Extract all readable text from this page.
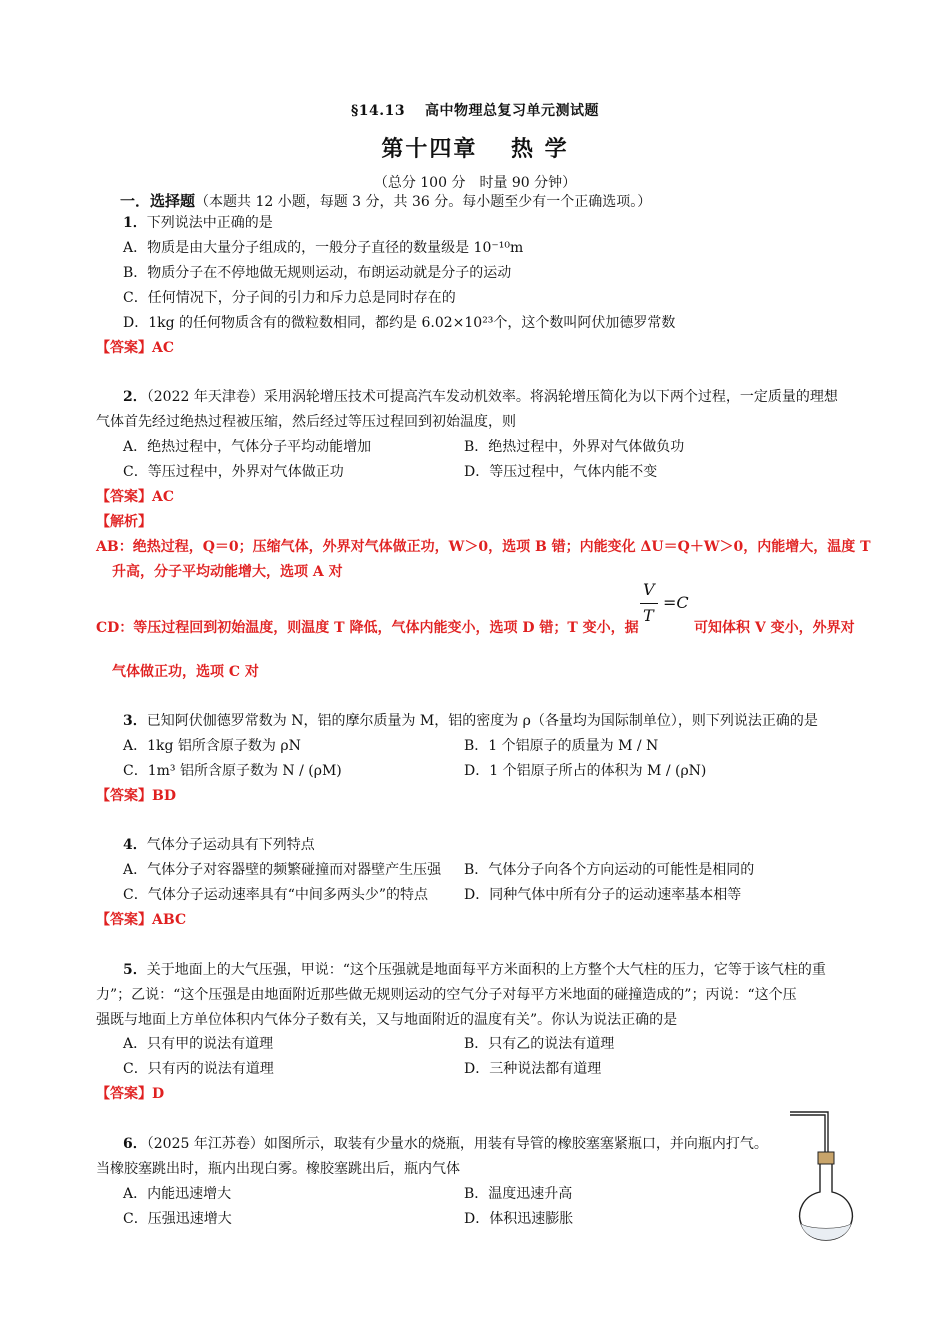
§14.13　 高中物理总复习单元测试题
第十四章　 热 学
（总分 100 分　时量 90 分钟）
一．选择题（本题共 12 小题，每题 3 分，共 36 分。每小题至少有一个正确选项。）
1．下列说法中正确的是
A．物质是由大量分子组成的，一般分子直径的数量级是 10⁻¹⁰m
B．物质分子在不停地做无规则运动，布朗运动就是分子的运动
C．任何情况下，分子间的引力和斥力总是同时存在的
D．1kg 的任何物质含有的微粒数相同，都约是 6.02×10²³个，这个数叫阿伏加德罗常数
【答案】AC
2．（2022 年天津卷）采用涡轮增压技术可提高汽车发动机效率。将涡轮增压简化为以下两个过程，一定质量的理想
气体首先经过绝热过程被压缩，然后经过等压过程回到初始温度，则
A．绝热过程中，气体分子平均动能增加	B．绝热过程中，外界对气体做负功
C．等压过程中，外界对气体做正功	D．等压过程中，气体内能不变
【答案】AC
【解析】
AB：绝热过程，Q＝0；压缩气体，外界对气体做正功，W＞0，选项 B 错；内能变化 ΔU＝Q＋W＞0，内能增大，温度 T
升高，分子平均动能增大，选项 A 对
V
T
=C
CD：等压过程回到初始温度，则温度 T 降低，气体内能变小，选项 D 错；T 变小，据	可知体积 V 变小，外界对
气体做正功，选项 C 对
3．已知阿伏伽德罗常数为 N，铝的摩尔质量为 M，铝的密度为 ρ（各量均为国际制单位），则下列说法正确的是
A．1kg 铝所含原子数为 ρN	B．1 个铝原子的质量为 M / N
C．1m³ 铝所含原子数为 N / (ρM)	D．1 个铝原子所占的体积为 M / (ρN)
【答案】BD
4．气体分子运动具有下列特点
A．气体分子对容器壁的频繁碰撞而对器壁产生压强 B．气体分子向各个方向运动的可能性是相同的
C．气体分子运动速率具有“中间多两头少”的特点	D．同种气体中所有分子的运动速率基本相等
【答案】ABC
5．关于地面上的大气压强，甲说：“这个压强就是地面每平方米面积的上方整个大气柱的压力，它等于该气柱的重
力”；乙说：“这个压强是由地面附近那些做无规则运动的空气分子对每平方米地面的碰撞造成的”；丙说：“这个压
强既与地面上方单位体积内气体分子数有关，又与地面附近的温度有关”。你认为说法正确的是
A．只有甲的说法有道理	B．只有乙的说法有道理
C．只有丙的说法有道理	D．三种说法都有道理
【答案】D
6．（2025 年江苏卷）如图所示，取装有少量水的烧瓶，用装有导管的橡胶塞塞紧瓶口，并向瓶内打气。
当橡胶塞跳出时，瓶内出现白雾。橡胶塞跳出后，瓶内气体
A．内能迅速增大	B．温度迅速升高
C．压强迅速增大	D．体积迅速膨胀
